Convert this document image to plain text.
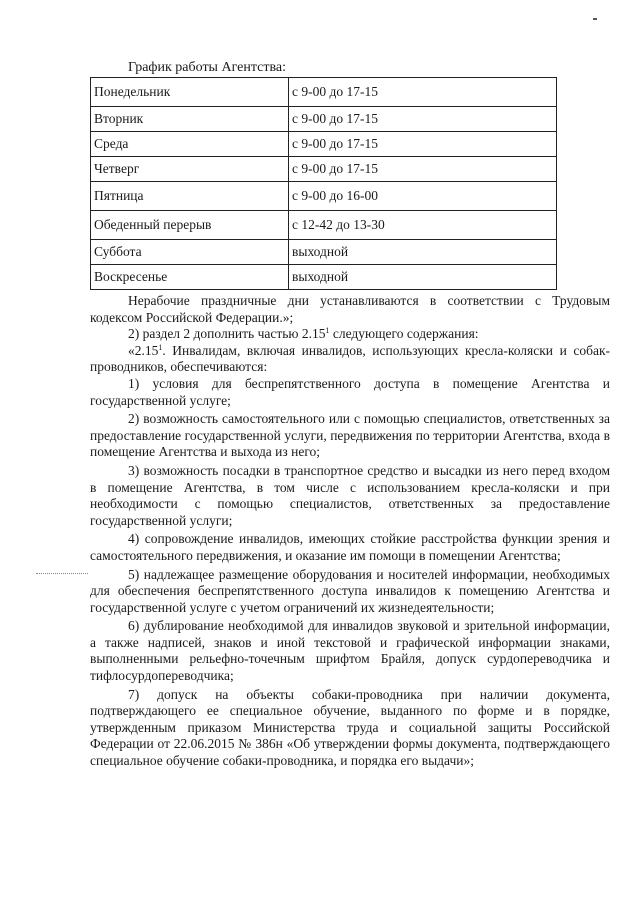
График работы Агентства:

Понедельник	с 9-00 до 17-15
Вторник	с 9-00 до 17-15
Среда	с 9-00 до 17-15
Четверг	с 9-00 до 17-15
Пятница	с 9-00 до 16-00
Обеденный перерыв	с 12-42 до 13-30
Суббота	выходной
Воскресенье	выходной

Нерабочие праздничные дни устанавливаются в соответствии с Трудовым кодексом Российской Федерации.»;

2) раздел 2 дополнить частью 2.15$^1$ следующего содержания:

«2.15$^1$. Инвалидам, включая инвалидов, использующих кресла-коляски и собак-проводников, обеспечиваются:

1) условия для беспрепятственного доступа в помещение Агентства и государственной услуге;

2) возможность самостоятельного или с помощью специалистов, ответственных за предоставление государственной услуги, передвижения по территории Агентства, входа в помещение Агентства и выхода из него;

3) возможность посадки в транспортное средство и высадки из него перед входом в помещение Агентства, в том числе с использованием кресла-коляски и при необходимости с помощью специалистов, ответственных за предоставление государственной услуги;

4) сопровождение инвалидов, имеющих стойкие расстройства функции зрения и самостоятельного передвижения, и оказание им помощи в помещении Агентства;

5) надлежащее размещение оборудования и носителей информации, необходимых для обеспечения беспрепятственного доступа инвалидов к помещению Агентства и государственной услуге с учетом ограничений их жизнедеятельности;

6) дублирование необходимой для инвалидов звуковой и зрительной информации, а также надписей, знаков и иной текстовой и графической информации знаками, выполненными рельефно-точечным шрифтом Брайля, допуск сурдопереводчика и тифлосурдопереводчика;

7) допуск на объекты собаки-проводника при наличии документа, подтверждающего ее специальное обучение, выданного по форме и в порядке, утвержденным приказом Министерства труда и социальной защиты Российской Федерации от 22.06.2015 № 386н «Об утверждении формы документа, подтверждающего специальное обучение собаки-проводника, и порядка его выдачи»;
